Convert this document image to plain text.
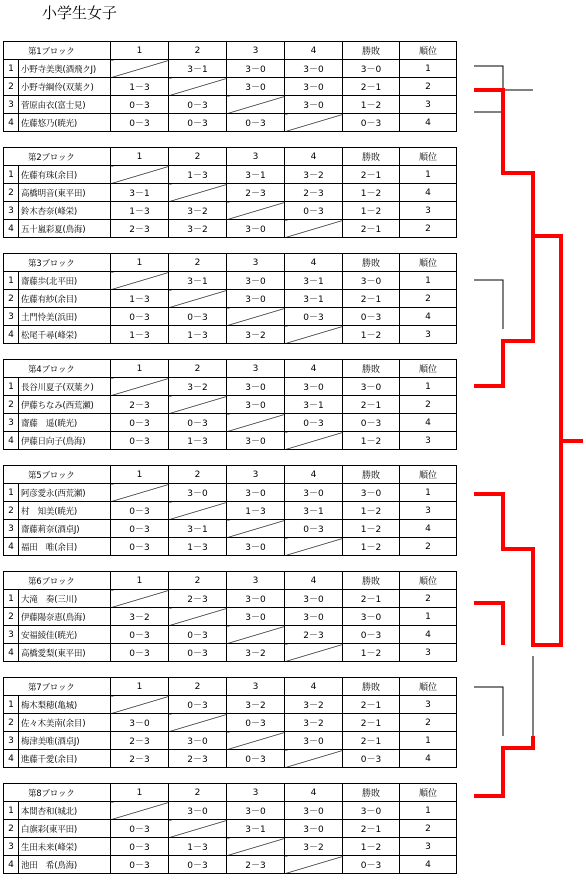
小学生女子
第1ブロック		1	2	3	4	勝敗	順位
1	小野寺美奥(酒飛クJ)		3－1	3－0	3－0	3－0	1
2	小野寺綱伶(双葉ク)	1－3		3－0	3－0	2－1	2
3	菅原由衣(富士見)	0－3	0－3		3－0	1－2	3
4	佐藤悠乃(暁光)	0－3	0－3	0－3		0－3	4
第2ブロック		1	2	3	4	勝敗	順位
1	佐藤有珠(余目)		1－3	3－1	3－2	2－1	1
2	高橋明音(東平田)	3－1		2－3	2－3	1－2	4
3	鈴木杏奈(峰栄)	1－3	3－2		0－3	1－2	3
4	五十嵐彩夏(鳥海)	2－3	3－2	3－0		2－1	2
第3ブロック		1	2	3	4	勝敗	順位
1	齋藤歩(北平田)		3－1	3－0	3－1	3－0	1
2	佐藤有紗(余目)	1－3		3－0	3－1	2－1	2
3	土門怜美(浜田)	0－3	0－3		0－3	0－3	4
4	松尾千尋(峰栄)	1－3	1－3	3－2		1－2	3
第4ブロック		1	2	3	4	勝敗	順位
1	長谷川夏子(双葉ク)		3－2	3－0	3－0	3－0	1
2	伊藤ちなみ(西荒瀬)	2－3		3－0	3－1	2－1	2
3	齋藤　遥(暁光)	0－3	0－3		0－3	0－3	4
4	伊藤日向子(鳥海)	0－3	1－3	3－0		1－2	3
第5ブロック		1	2	3	4	勝敗	順位
1	阿彦愛永(西荒瀬)		3－0	3－0	3－0	3－0	1
2	村　知美(暁光)	0－3		1－3	3－1	1－2	3
3	齋藤莉奈(酒卓J)	0－3	3－1		0－3	1－2	4
4	福田　唯(余目)	0－3	1－3	3－0		1－2	2
第6ブロック		1	2	3	4	勝敗	順位
1	大滝　奏(三川)		2－3	3－0	3－0	2－1	2
2	伊藤陽奈恵(鳥海)	3－2		3－0	3－0	3－0	1
3	安福綾佳(暁光)	0－3	0－3		2－3	0－3	4
4	高橋愛梨(東平田)	0－3	0－3	3－2		1－2	3
第7ブロック		1	2	3	4	勝敗	順位
1	梅木梨穂(亀城)		0－3	3－2	3－2	2－1	3
2	佐々木美南(余目)	3－0		0－3	3－2	2－1	2
3	梅津美唯(酒卓J)	2－3	3－0		3－0	2－1	1
4	進藤千愛(余目)	2－3	2－3	0－3		0－3	4
第8ブロック		1	2	3	4	勝敗	順位
1	本間杏和(城北)		3－0	3－0	3－0	3－0	1
2	白旗彩(東平田)	0－3		3－1	3－0	2－1	2
3	生田未来(峰栄)	0－3	1－3		3－2	1－2	3
4	池田　希(鳥海)	0－3	0－3	2－3		0－3	4
